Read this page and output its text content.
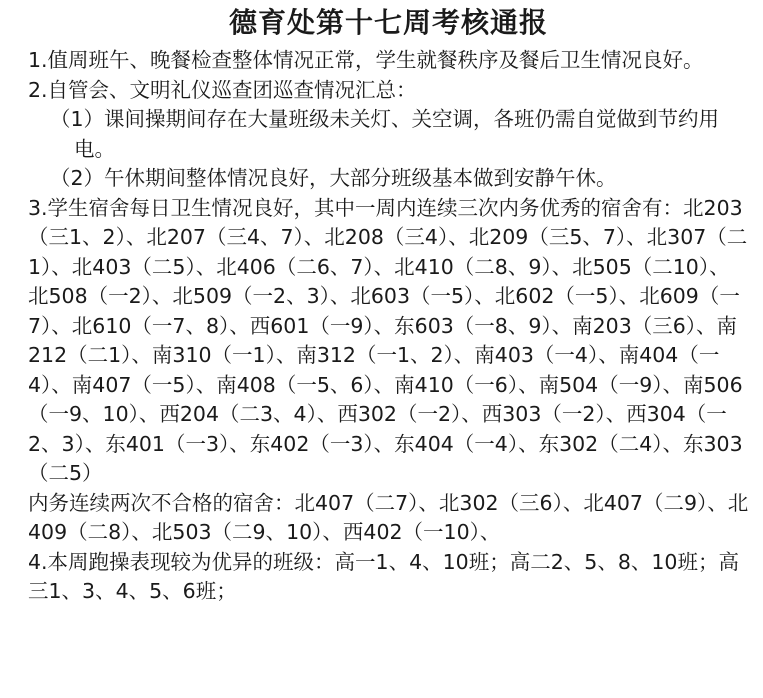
德育处第十七周考核通报

1.值周班午、晚餐检查整体情况正常，学生就餐秩序及餐后卫生情况良好。

2.自管会、文明礼仪巡查团巡查情况汇总：

（1）课间操期间存在大量班级未关灯、关空调，各班仍需自觉做到节约用电。

（2）午休期间整体情况良好，大部分班级基本做到安静午休。

3.学生宿舍每日卫生情况良好，其中一周内连续三次内务优秀的宿舍有：北203（三1、2）、北207（三4、7）、北208（三4）、北209（三5、7）、北307（二1）、北403（二5）、北406（二6、7）、北410（二8、9）、北505（二10）、北508（一2）、北509（一2、3）、北603（一5）、北602（一5）、北609（一7）、北610（一7、8）、西601（一9）、东603（一8、9）、南203（三6）、南212（二1）、南310（一1）、南312（一1、2）、南403（一4）、南404（一4）、南407（一5）、南408（一5、6）、南410（一6）、南504（一9）、南506（一9、10）、西204（二3、4）、西302（一2）、西303（一2）、西304（一2、3）、东401（一3）、东402（一3）、东404（一4）、东302（二4）、东303（二5）

内务连续两次不合格的宿舍：北407（二7）、北302（三6）、北407（二9）、北409（二8）、北503（二9、10）、西402（一10）、

4.本周跑操表现较为优异的班级：高一1、4、10班；高二2、5、8、10班；高三1、3、4、5、6班；
